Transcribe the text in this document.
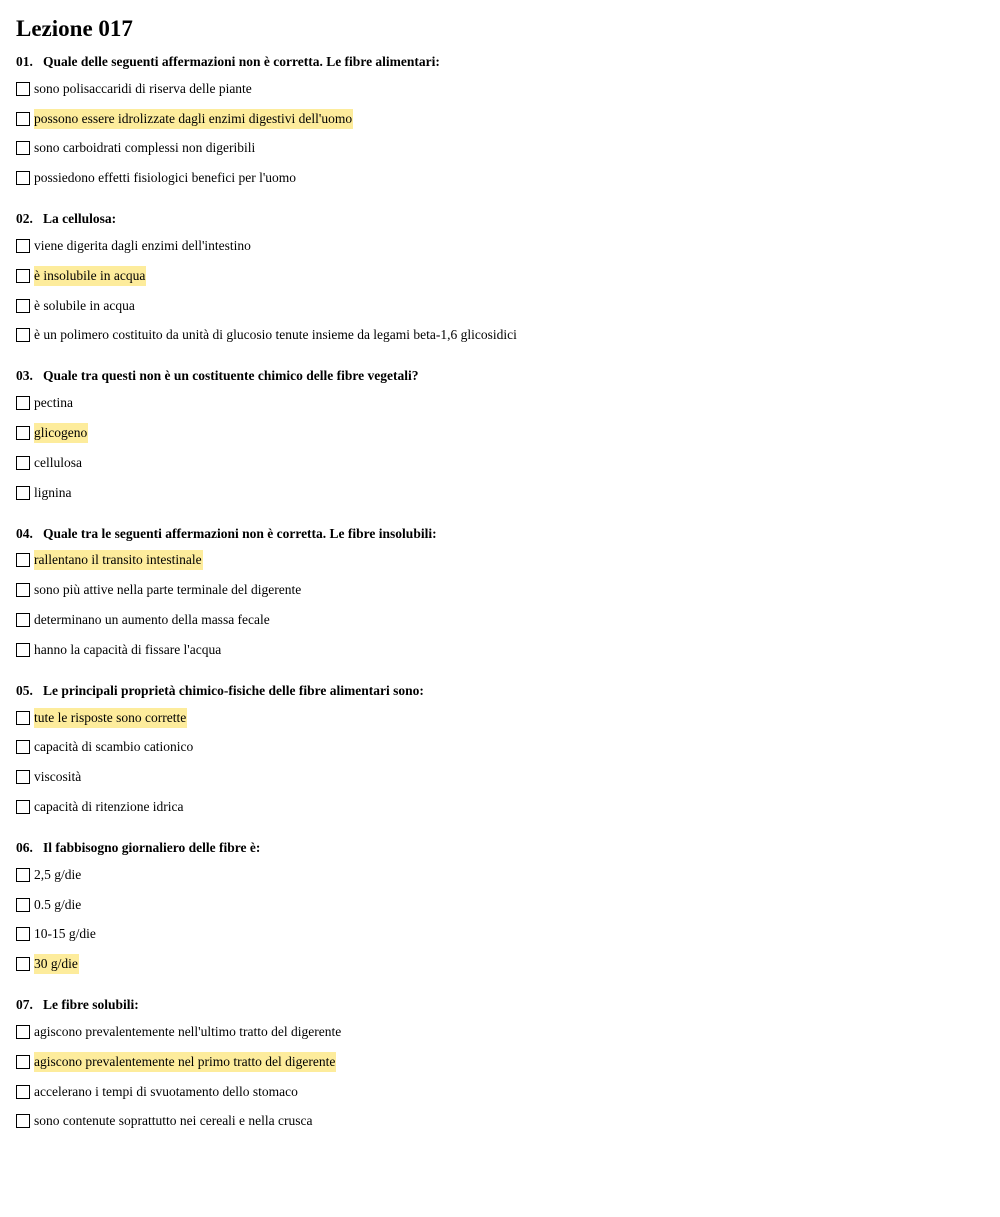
Lezione 017
01. Quale delle seguenti affermazioni non è corretta. Le fibre alimentari:
sono polisaccaridi di riserva delle piante
possono essere idrolizzate dagli enzimi digestivi dell'uomo
sono carboidrati complessi non digeribili
possiedono effetti fisiologici benefici per l'uomo
02. La cellulosa:
viene digerita dagli enzimi dell'intestino
è insolubile in acqua
è solubile in acqua
è un polimero costituito da unità di glucosio tenute insieme da legami beta-1,6 glicosidici
03. Quale tra questi non è un costituente chimico delle fibre vegetali?
pectina
glicogeno
cellulosa
lignina
04. Quale tra le seguenti affermazioni non è corretta. Le fibre insolubili:
rallentano il transito intestinale
sono più attive nella parte terminale del digerente
determinano un aumento della massa fecale
hanno la capacità di fissare l'acqua
05. Le principali proprietà chimico-fisiche delle fibre alimentari sono:
tute le risposte sono corrette
capacità di scambio cationico
viscosità
capacità di ritenzione idrica
06. Il fabbisogno giornaliero delle fibre è:
2,5 g/die
0.5 g/die
10-15 g/die
30 g/die
07. Le fibre solubili:
agiscono prevalentemente nell'ultimo tratto del digerente
agiscono prevalentemente nel primo tratto del digerente
accelerano i tempi di svuotamento dello stomaco
sono contenute soprattutto nei cereali e nella crusca
